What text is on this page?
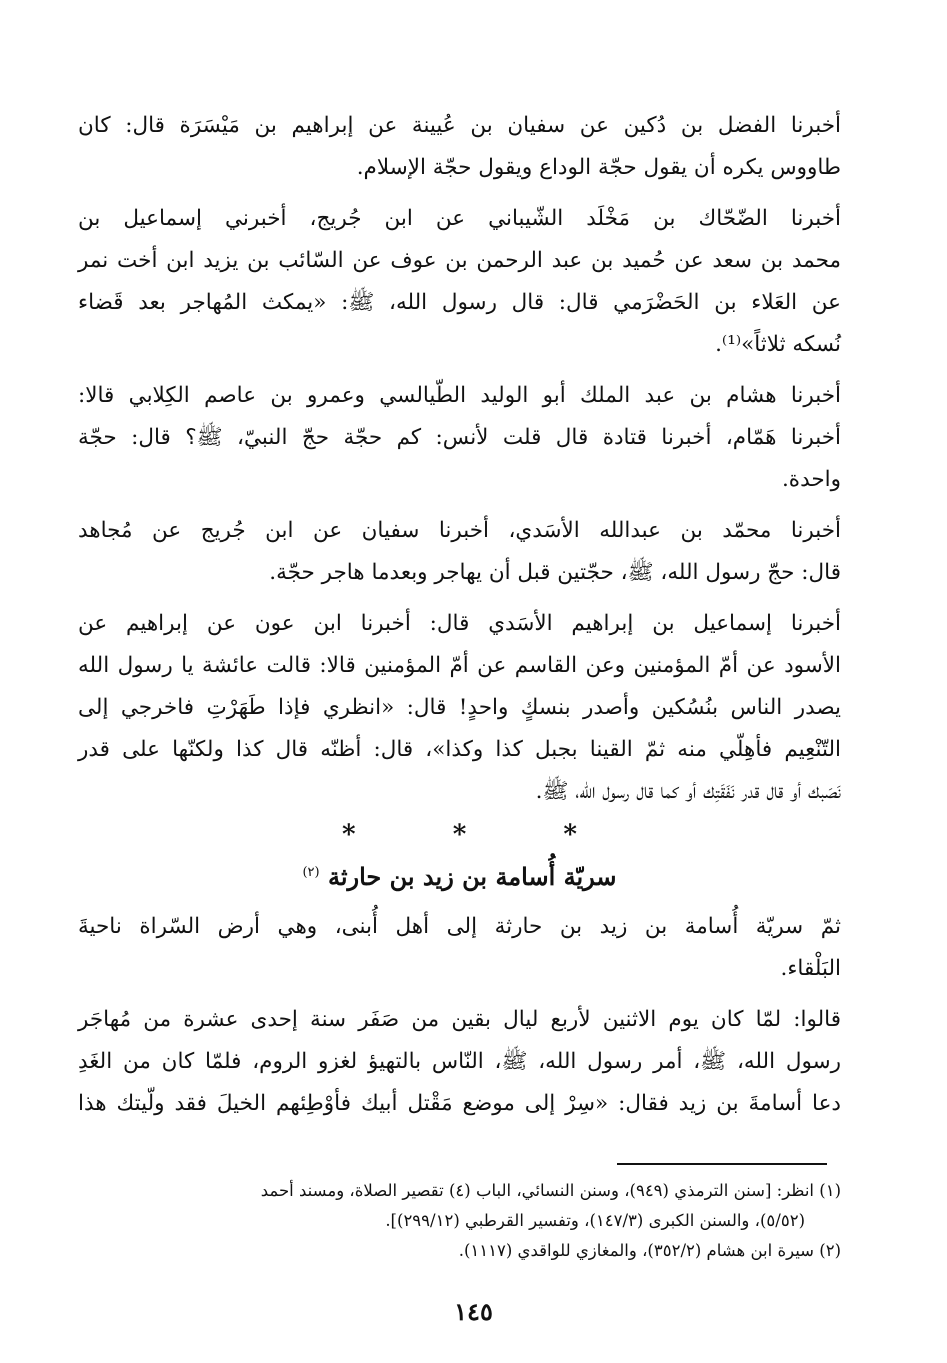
أخبرنا الفضل بن دُكين عن سفيان بن عُيينة عن إبراهيم بن مَيْسَرَة قال: كان
طاووس يكره أن يقول حجّة الوداع ويقول حجّة الإسلام.
أخبرنا الضّحّاك بن مَخْلَد الشّيباني عن ابن جُريج، أخبرني إسماعيل بن
محمد بن سعد عن حُميد بن عبد الرحمن بن عوف عن السّائب بن يزيد ابن أخت نمر
عن العَلاء بن الحَضْرَمي قال: قال رسول الله، ﷺ: «يمكث المُهاجر بعد قَضاء
نُسكه ثلاثاً»⁽¹⁾.
أخبرنا هشام بن عبد الملك أبو الوليد الطّيالسي وعمرو بن عاصم الكِلابي قالا:
أخبرنا هَمّام، أخبرنا قتادة قال قلت لأنس: كم حجّة حجّ النبيّ، ﷺ؟ قال: حجّة
واحدة.
أخبرنا محمّد بن عبدالله الأسَدي، أخبرنا سفيان عن ابن جُريج عن مُجاهد
قال: حجّ رسول الله، ﷺ، حجّتين قبل أن يهاجر وبعدما هاجر حجّة.
أخبرنا إسماعيل بن إبراهيم الأسَدي قال: أخبرنا ابن عون عن إبراهيم عن
الأسود عن أمّ المؤمنين وعن القاسم عن أمّ المؤمنين قالا: قالت عائشة يا رسول الله
يصدر الناس بنُسُكين وأصدر بنسكٍ واحدٍ! قال: «انظري فإذا طَهَرْتِ فاخرجي إلى
التّنْعِيم فأهِلّي منه ثمّ القينا بجبل كذا وكذا»، قال: أظنّه قال كذا ولكنّها على قدر
نَصَبك أو قال قدر نَفَقَتِك أو كما قال رسول الله، ﷺ.
* * *
سريّة أُسامة بن زيد بن حارثة $^{(٢)}$
ثمّ سريّة أُسامة بن زيد بن حارثة إلى أهل أُبنى، وهي أرض السّراة ناحيةَ
البَلْقاء.
قالوا: لمّا كان يوم الاثنين لأربع ليال بقين من صَفَر سنة إحدى عشرة من مُهاجَر
رسول الله، ﷺ، أمر رسول الله، ﷺ، النّاس بالتهيؤ لغزو الروم، فلمّا كان من الغَدِ
دعا أسامةَ بن زيد فقال: «سِرْ إلى موضع مَقْتل أبيك فأوْطِئهم الخيلَ فقد ولّيتك هذا
(١) انظر: [سنن الترمذي (٩٤٩)، وسنن النسائي، الباب (٤) تقصير الصلاة، ومسند أحمد
(٥/٥٢)، والسنن الكبرى (١٤٧/٣)، وتفسير القرطبي (٢٩٩/١٢)].
(٢) سيرة ابن هشام (٣٥٢/٢)، والمغازي للواقدي (١١١٧).
١٤٥
